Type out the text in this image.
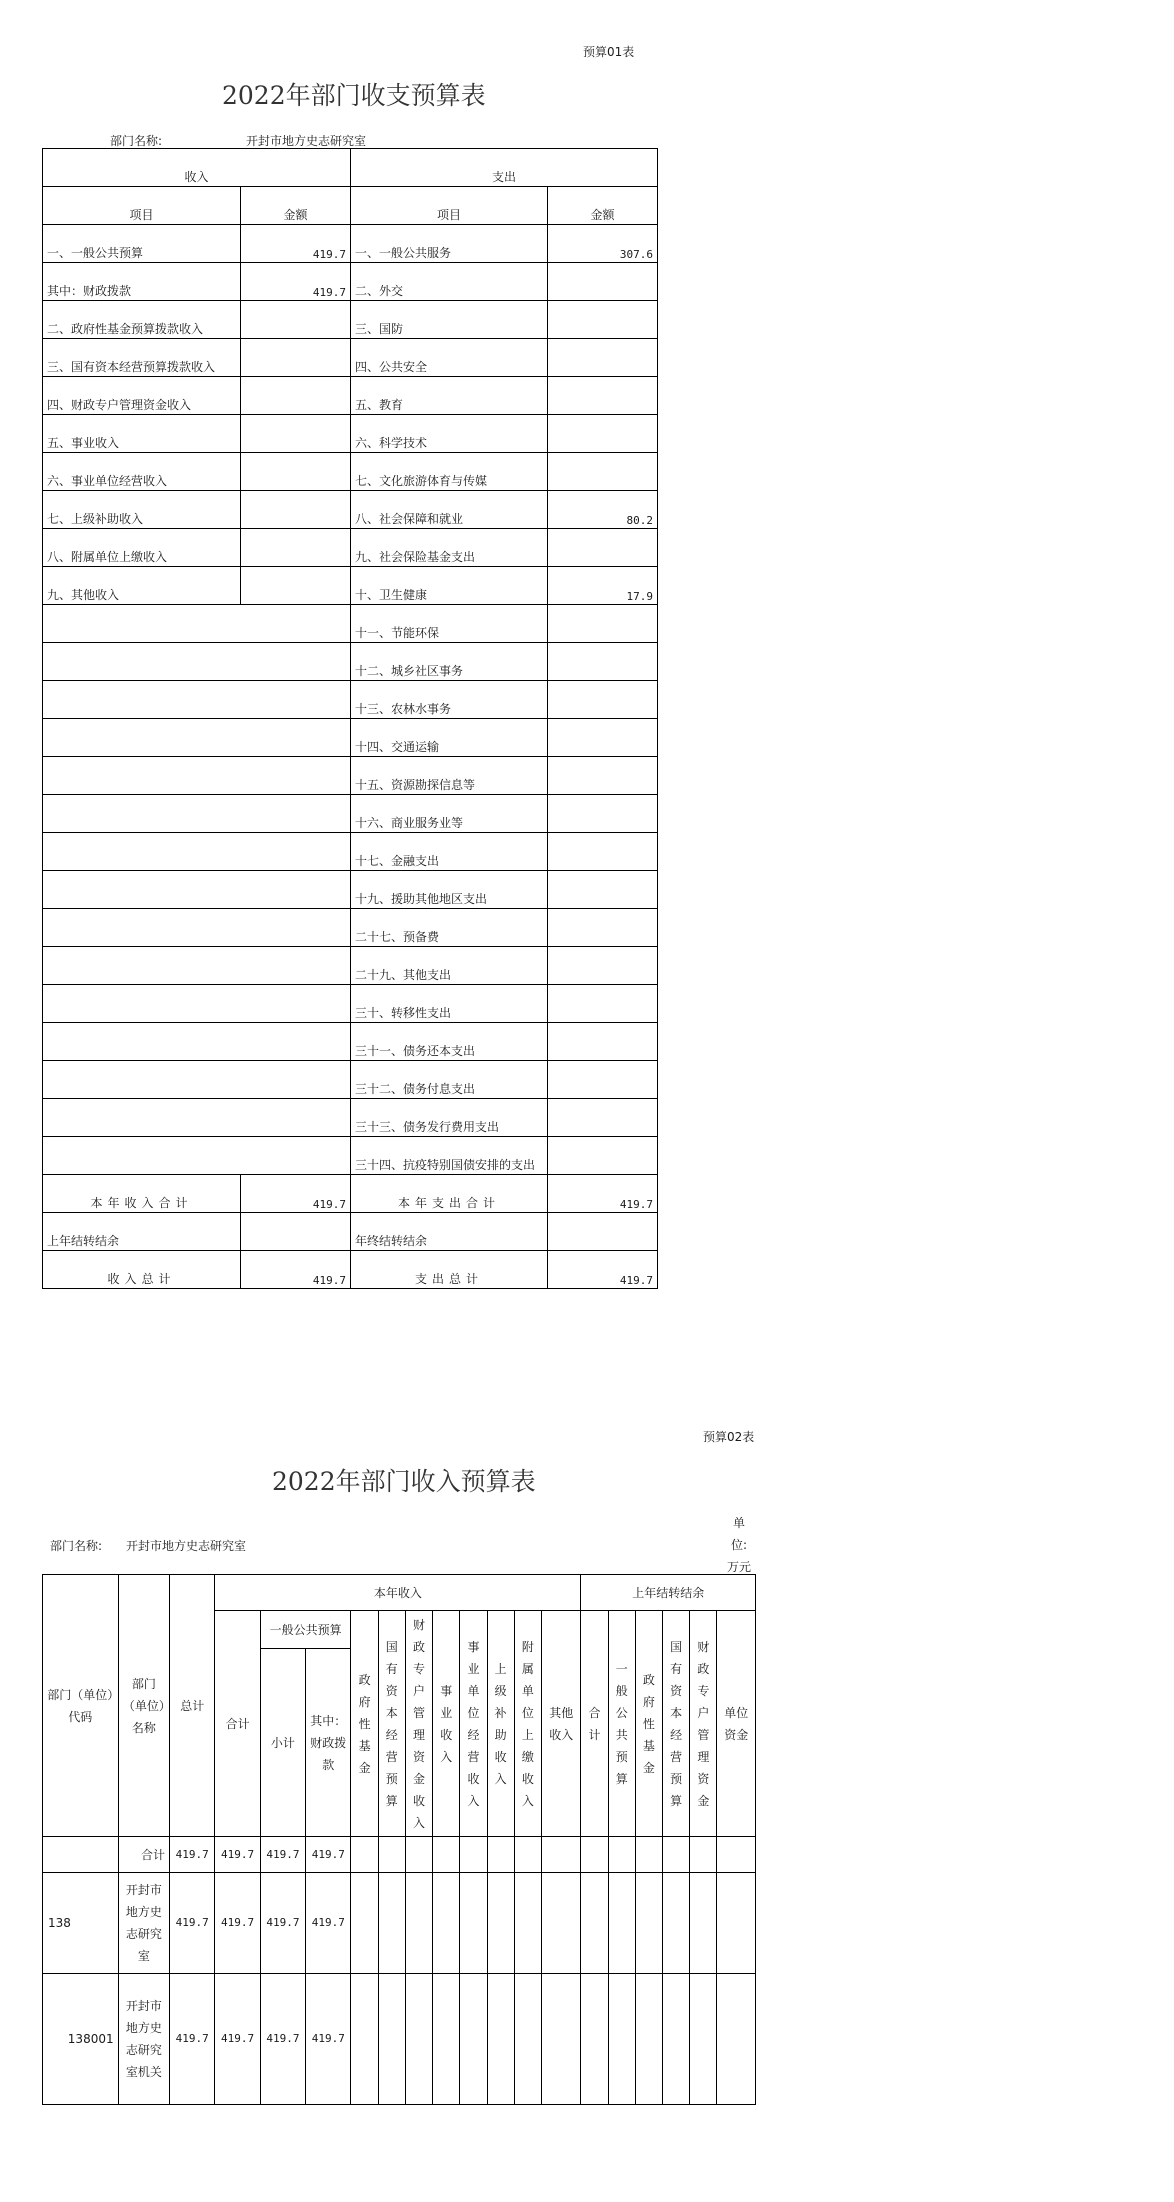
预算01表
2022年部门收支预算表
部门名称:	开封市地方史志研究室
收入		支出	
项目	金额	项目	金额
一、一般公共预算	419.7	一、一般公共服务	307.6
其中：财政拨款	419.7	二、外交	
二、政府性基金预算拨款收入		三、国防	
三、国有资本经营预算拨款收入		四、公共安全	
四、财政专户管理资金收入		五、教育	
五、事业收入		六、科学技术	
六、事业单位经营收入		七、文化旅游体育与传媒	
七、上级补助收入		八、社会保障和就业	80.2
八、附属单位上缴收入		九、社会保险基金支出	
九、其他收入		十、卫生健康	17.9
		十一、节能环保	
		十二、城乡社区事务	
		十三、农林水事务	
		十四、交通运输	
		十五、资源勘探信息等	
		十六、商业服务业等	
		十七、金融支出	
		十九、援助其他地区支出	
		二十七、预备费	
		二十九、其他支出	
		三十、转移性支出	
		三十一、债务还本支出	
		三十二、债务付息支出	
		三十三、债务发行费用支出	
		三十四、抗疫特别国债安排的支出	
本年收入合计	419.7	本年支出合计	419.7
上年结转结余		年终结转结余	
收入总计	419.7	支出总计	419.7
预算02表
2022年部门收入预算表
部门名称: 开封市地方史志研究室
单位:万元
部门（单位）代码	部门（单位）名称	总计	本年收入											上年结转结余					
			合计	一般公共预算		政府性基金	国有资本经营预算	财政专户管理资金收入	事业收入	事业单位经营收入	上级补助收入	附属单位上缴收入	其他收入	合计	一般公共预算	政府性基金	国有资本经营预算	财政专户管理资金	单位资金
				小计	其中：财政拨款														
	合计	419.7	419.7	419.7	419.7														
138	开封市地方史志研究室	419.7	419.7	419.7	419.7														
138001	开封市地方史志研究室机关	419.7	419.7	419.7	419.7														
